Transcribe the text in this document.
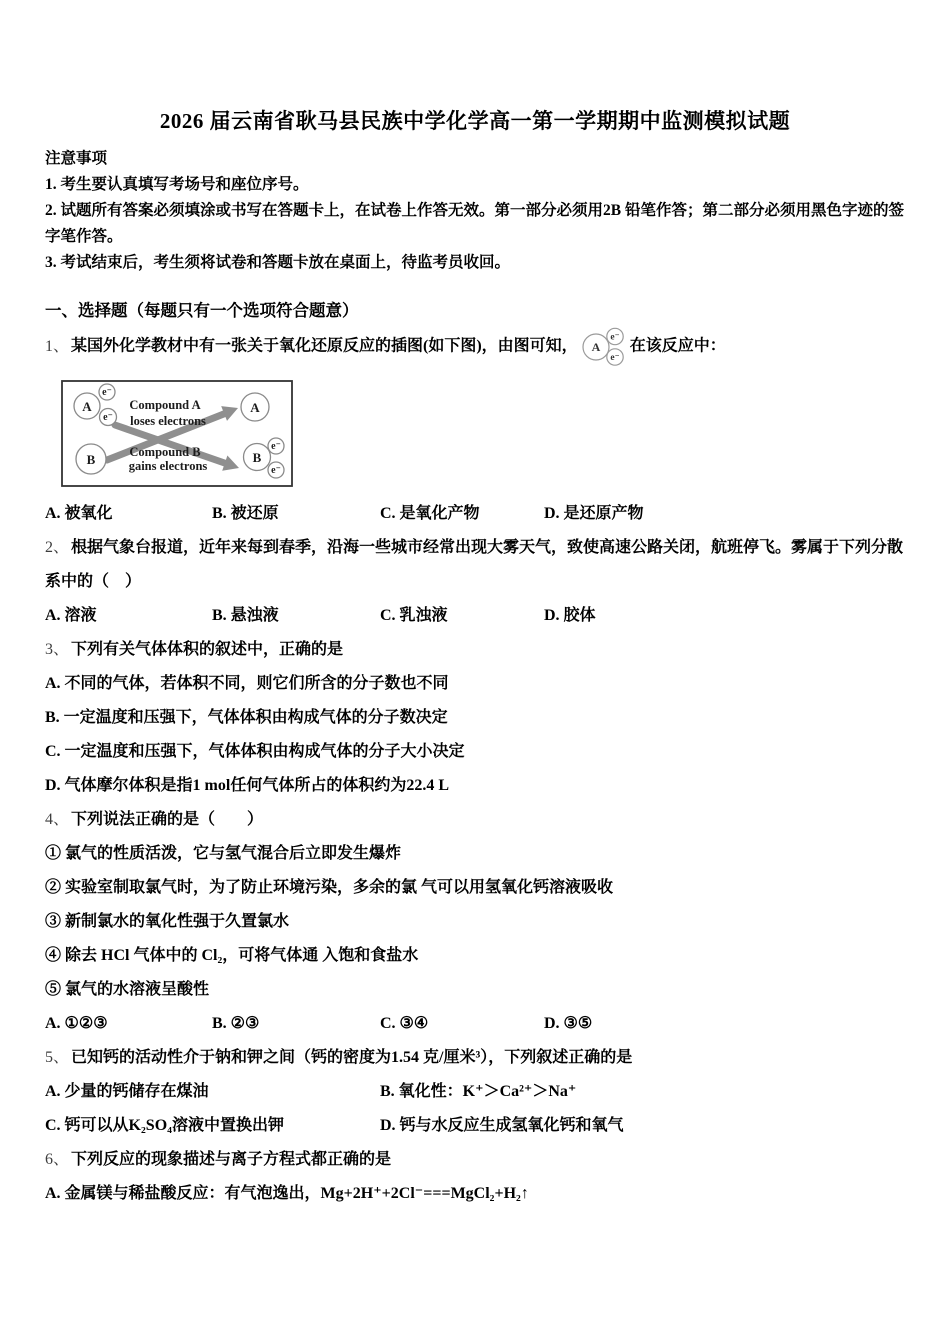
2026 届云南省耿马县民族中学化学高一第一学期期中监测模拟试题

注意事项

1. 考生要认真填写考场号和座位序号。

2. 试题所有答案必须填涂或书写在答题卡上，在试卷上作答无效。第一部分必须用2B 铅笔作答；第二部分必须用黑色字迹的签字笔作答。

3. 考试结束后，考生须将试卷和答题卡放在桌面上，待监考员收回。

一、选择题（每题只有一个选项符合题意）

1、 某国外化学教材中有一张关于氧化还原反应的插图(如下图)，由图可知， A
e⁻
e⁻
在该反应中：

A
e⁻
e⁻
B
A
B
e⁻
e⁻
Compound A
loses electrons
Compound B
gains electrons

A. 被氧化	B. 被还原	C. 是氧化产物	D. 是还原产物

2、 根据气象台报道，近年来每到春季，沿海一些城市经常出现大雾天气，致使高速公路关闭，航班停飞。雾属于下列分散系中的（　）

A. 溶液	B. 悬浊液	C. 乳浊液	D. 胶体

3、 下列有关气体体积的叙述中，正确的是

A. 不同的气体，若体积不同，则它们所含的分子数也不同

B. 一定温度和压强下，气体体积由构成气体的分子数决定

C. 一定温度和压强下，气体体积由构成气体的分子大小决定

D. 气体摩尔体积是指1 mol任何气体所占的体积约为22.4 L

4、 下列说法正确的是（　　）

① 氯气的性质活泼，它与氢气混合后立即发生爆炸

② 实验室制取氯气时，为了防止环境污染，多余的氯 气可以用氢氧化钙溶液吸收

③ 新制氯水的氧化性强于久置氯水

④ 除去 HCl 气体中的 Cl₂，可将气体通 入饱和食盐水

⑤ 氯气的水溶液呈酸性

A. ①②③	B. ②③	C. ③④	D. ③⑤

5、 已知钙的活动性介于钠和钾之间（钙的密度为1.54 克/厘米³），下列叙述正确的是

A. 少量的钙储存在煤油	B. 氧化性：K⁺＞Ca²⁺＞Na⁺

C. 钙可以从K₂SO₄溶液中置换出钾	D. 钙与水反应生成氢氧化钙和氧气

6、 下列反应的现象描述与离子方程式都正确的是

A. 金属镁与稀盐酸反应：有气泡逸出，Mg+2H⁺+2Cl⁻===MgCl₂+H₂↑
